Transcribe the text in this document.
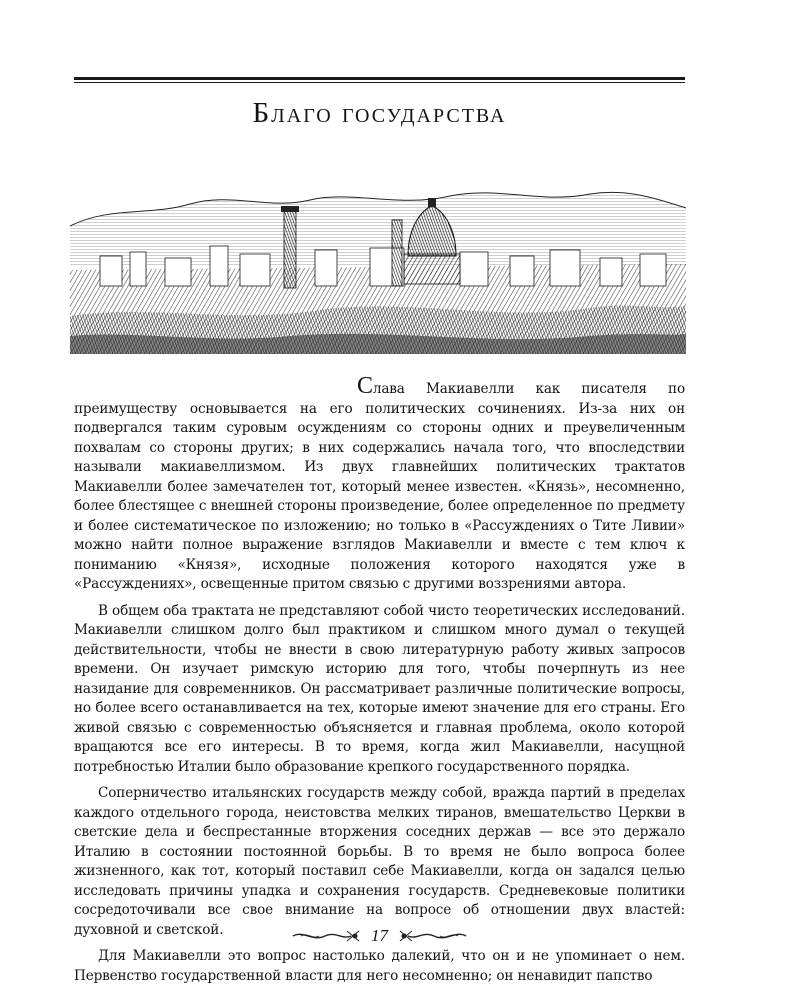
Благо государства

Слава Макиавелли как писателя по преимуществу основывается на его политических сочинениях. Из-за них он подвергался таким суровым осуждениям со стороны одних и преувеличенным похвалам со стороны других; в них содержались начала того, что впоследствии называли макиавеллизмом. Из двух главнейших политических трактатов Макиавелли более замечателен тот, который менее известен. «Князь», несомненно, более блестящее с внешней стороны произведение, более определенное по предмету и более систематическое по изложению; но только в «Рассуждениях о Тите Ливии» можно найти полное выражение взглядов Макиавелли и вместе с тем ключ к пониманию «Князя», исходные положения которого находятся уже в «Рассуждениях», освещенные притом связью с другими воззрениями автора.

В общем оба трактата не представляют собой чисто теоретических исследований. Макиавелли слишком долго был практиком и слишком много думал о текущей действительности, чтобы не внести в свою литературную работу живых запросов времени. Он изучает римскую историю для того, чтобы почерпнуть из нее назидание для современников. Он рассматривает различные политические вопросы, но более всего останавливается на тех, которые имеют значение для его страны. Его живой связью с современностью объясняется и главная проблема, около которой вращаются все его интересы. В то время, когда жил Макиавелли, насущной потребностью Италии было образование крепкого государственного порядка.

Соперничество итальянских государств между собой, вражда партий в пределах каждого отдельного города, неистовства мелких тиранов, вмешательство Церкви в светские дела и беспрестанные вторжения соседних держав — все это держало Италию в состоянии постоянной борьбы. В то время не было вопроса более жизненного, как тот, который поставил себе Макиавелли, когда он задался целью исследовать причины упадка и сохранения государств. Средневековые политики сосредоточивали все свое внимание на вопросе об отношении двух властей: духовной и светской.

Для Макиавелли это вопрос настолько далекий, что он и не упоминает о нем. Первенство государственной власти для него несомненно; он ненавидит папство

17
